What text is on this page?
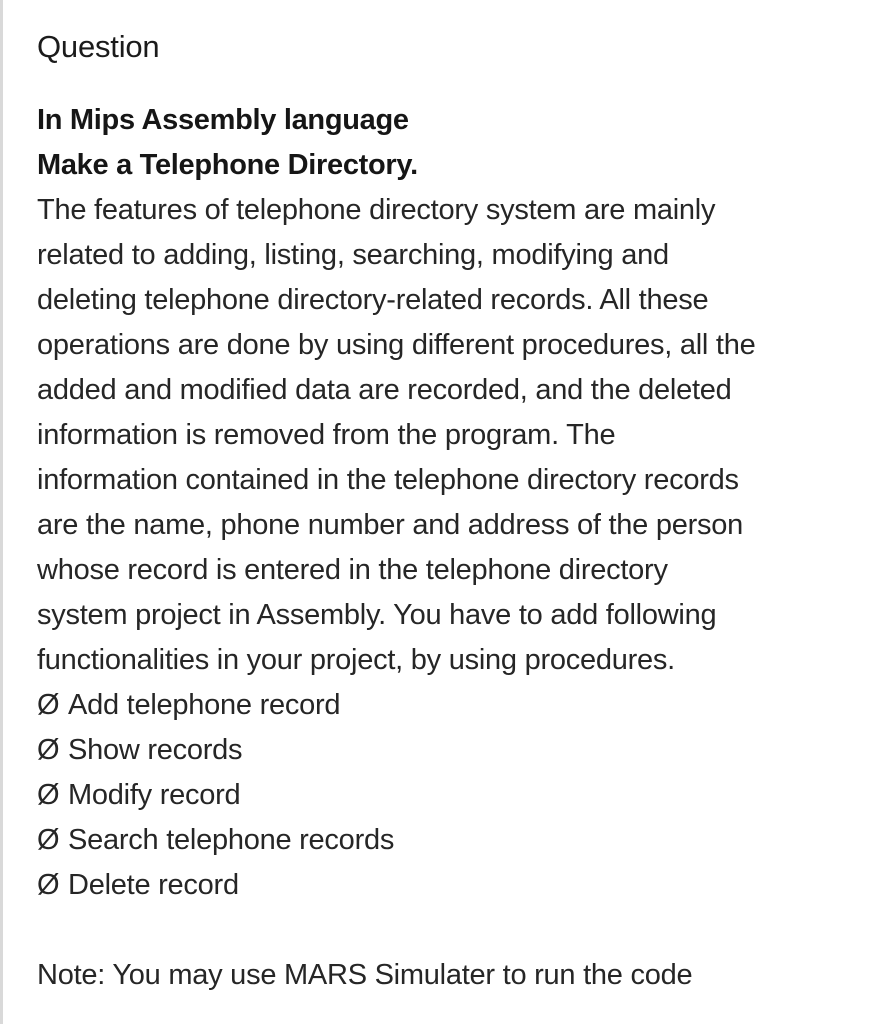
Question

In Mips Assembly language

Make a Telephone Directory.

The features of telephone directory system are mainly

related to adding, listing, searching, modifying and

deleting telephone directory-related records. All these

operations are done by using different procedures, all the

added and modified data are recorded, and the deleted

information is removed from the program. The

information contained in the telephone directory records

are the name, phone number and address of the person

whose record is entered in the telephone directory

system project in Assembly. You have to add following

functionalities in your project, by using procedures.

Ø Add telephone record
Ø Show records
Ø Modify record
Ø Search telephone records
Ø Delete record

Note: You may use MARS Simulater to run the code
